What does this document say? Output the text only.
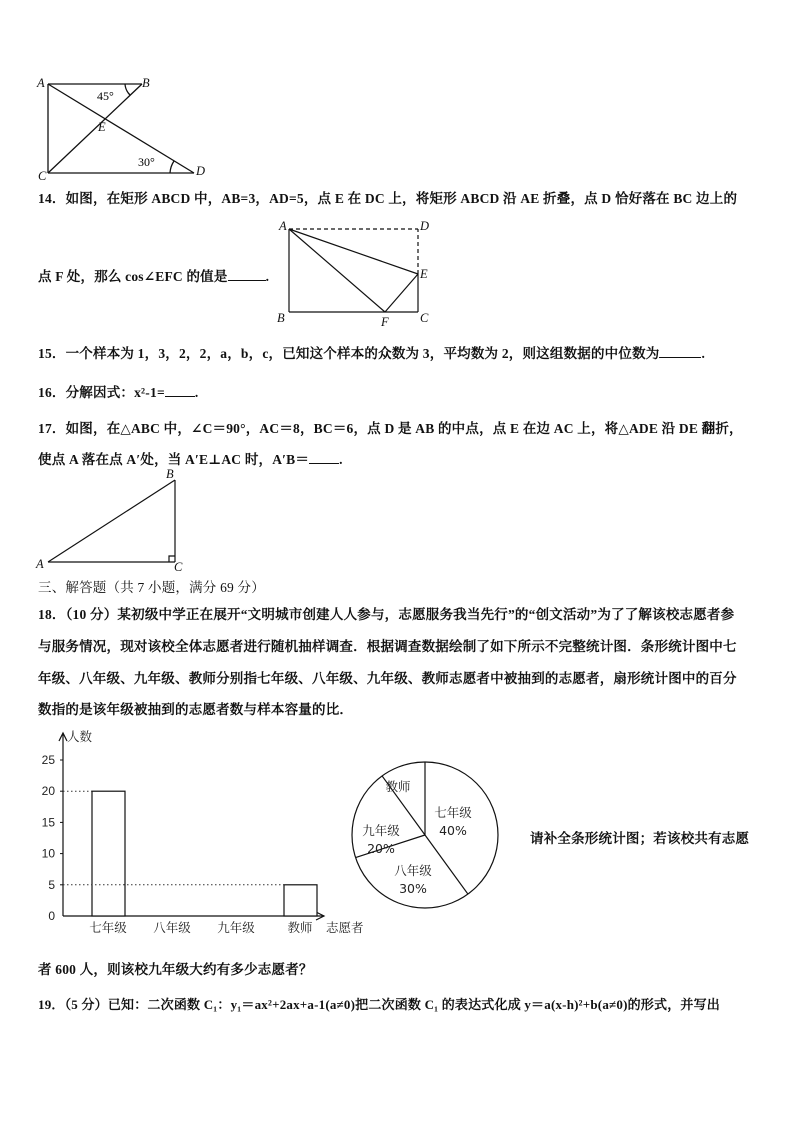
A	B
C	D
E
45°
30°
14．如图，在矩形 ABCD 中，AB=3，AD=5，点 E 在 DC 上，将矩形 ABCD 沿 AE 折叠，点 D 恰好落在 BC 边上的
A	D
E
B	F	C
点 F 处，那么 cos∠EFC 的值是	.
15．一个样本为 1，3，2，2，a，b，c，已知这个样本的众数为 3，平均数为 2，则这组数据的中位数为	.
16．分解因式：x²-1= .
17．如图，在△ABC 中，∠C＝90°，AC＝8，BC＝6，点 D 是 AB 的中点，点 E 在边 AC 上，将△ADE 沿 DE 翻折，
使点 A 落在点 A′处，当 A′E⊥AC 时，A′B＝ .
B
A	C
三、解答题（共 7 小题，满分 69 分）
18．（10 分）某初级中学正在展开“文明城市创建人人参与，志愿服务我当先行”的“创文活动”为了了解该校志愿者参
与服务情况，现对该校全体志愿者进行随机抽样调查．根据调查数据绘制了如下所示不完整统计图．条形统计图中七
年级、八年级、九年级、教师分别指七年级、八年级、九年级、教师志愿者中被抽到的志愿者，扇形统计图中的百分
数指的是该年级被抽到的志愿者数与样本容量的比．
0
5
10
15
20
25
人数
志愿者
七年级 八年级 九年级	教师
七年级
40%
八年级
30%
九年级
20%
教师
请补全条形统计图；若该校共有志愿
者 600 人，则该校九年级大约有多少志愿者？
19．（5 分）已知：二次函数 C₁：y₁＝ax²+2ax+a-1(a≠0)把二次函数 C₁ 的表达式化成 y＝a(x-h)²+b(a≠0)的形式，并写出
